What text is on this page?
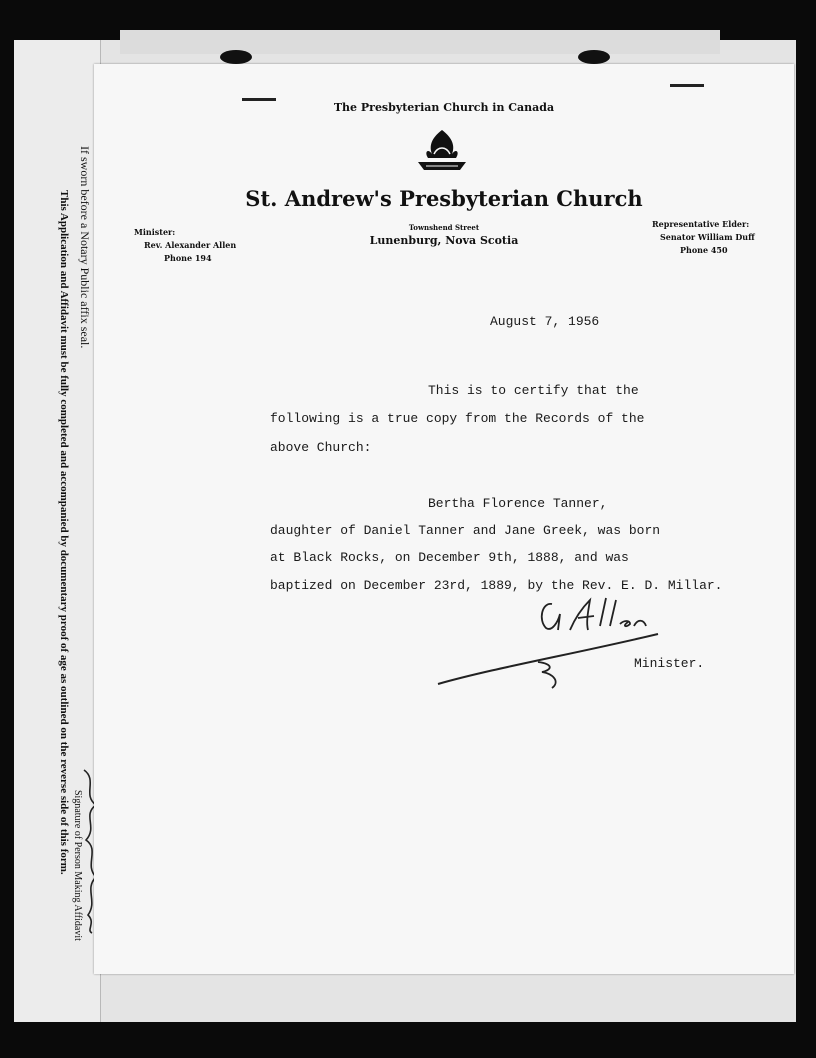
If sworn before a Notary Public affix seal.
This Application and Affidavit must be fully completed and accompanied by documentary proof of age as outlined on the reverse side of this form. Signature of Person Making Affidavit
The Presbyterian Church in Canada
St. Andrew's Presbyterian Church
Townshend Street
Lunenburg, Nova Scotia
Minister:
Rev. Alexander Allen
Phone 194
Representative Elder:
Senator William Duff
Phone 450
August 7, 1956
This is to certify that the
following is a true copy from the Records of the
above Church:
Bertha Florence Tanner,
daughter of Daniel Tanner and Jane Greek, was born
at Black Rocks, on December 9th, 1888, and was
baptized on December 23rd, 1889, by the Rev. E. D. Millar.
Minister.
